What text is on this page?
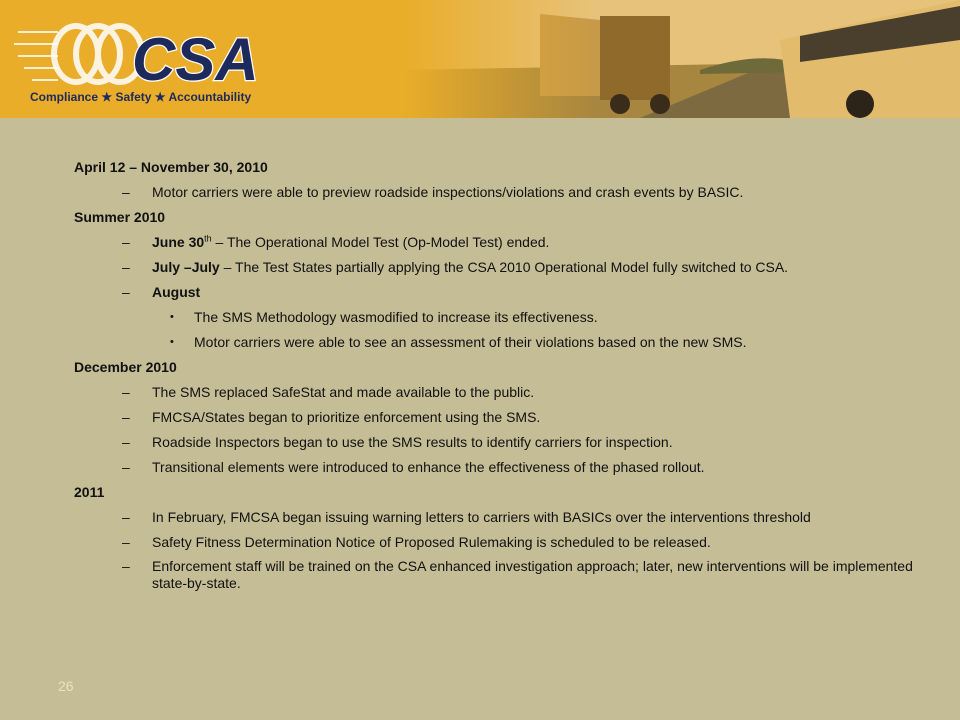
CSA
Compliance ★ Safety ★ Accountability
April 12 – November 30, 2010
– Motor carriers were able to preview roadside inspections/violations and crash events by BASIC.
Summer 2010
– June 30th – The Operational Model Test (Op-Model Test) ended.
– July –July – The Test States partially applying the CSA 2010 Operational Model fully switched to CSA.
– August
• The SMS Methodology wasmodified to increase its effectiveness.
• Motor carriers were able to see an assessment of their violations based on the new SMS.
December 2010
– The SMS replaced SafeStat and made available to the public.
– FMCSA/States began to prioritize enforcement using the SMS.
– Roadside Inspectors began to use the SMS results to identify carriers for inspection.
– Transitional elements were introduced to enhance the effectiveness of the phased rollout.
2011
– In February, FMCSA began issuing warning letters to carriers with BASICs over the interventions threshold
– Safety Fitness Determination Notice of Proposed Rulemaking is scheduled to be released.
– Enforcement staff will be trained on the CSA enhanced investigation approach; later, new interventions will be implemented state-by-state.
26
